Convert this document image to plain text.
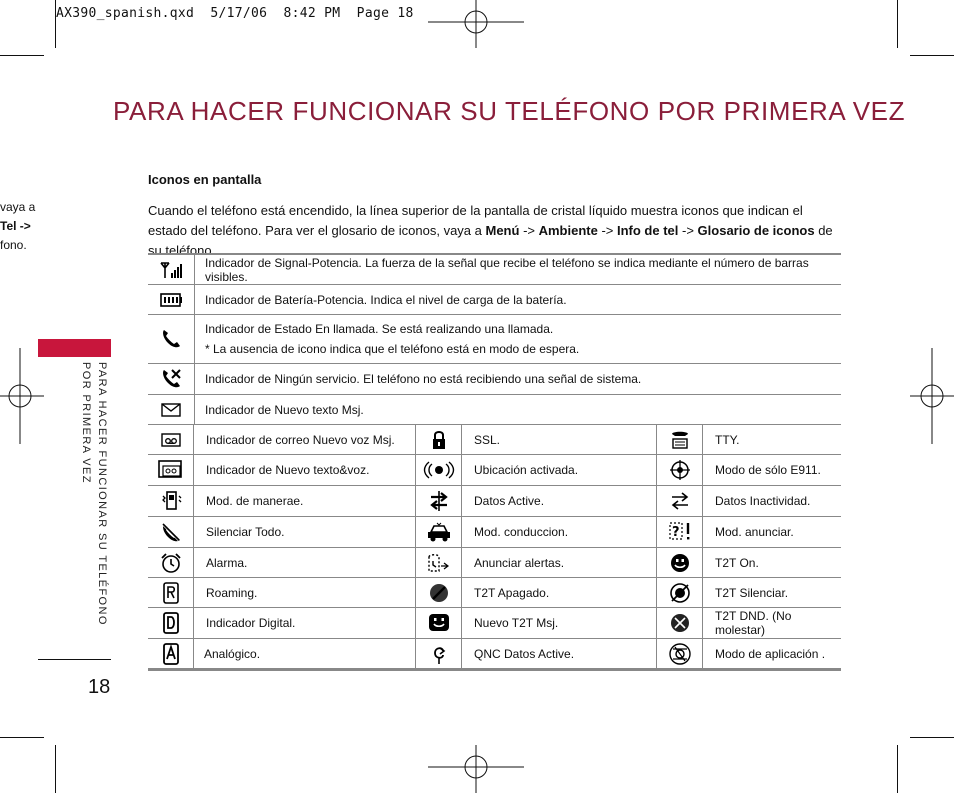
AX390_spanish.qxd  5/17/06  8:42 PM  Page 18
PARA HACER FUNCIONAR SU TELÉFONO POR PRIMERA VEZ
vaya a
Tel ->
fono.
PARA HACER FUNCIONAR SU TELÉFONO POR PRIMERA VEZ
18
Iconos en pantalla
Cuando el teléfono está encendido, la línea superior de la pantalla de cristal líquido muestra iconos que indican el estado del teléfono. Para ver el glosario de iconos, vaya a Menú -> Ambiente -> Info de tel -> Glosario de iconos de su teléfono.
Indicador de Signal-Potencia. La fuerza de la señal que recibe el teléfono se indica mediante el número de barras visibles.
Indicador de Batería-Potencia. Indica el nivel de carga de la batería.
Indicador de Estado En llamada. Se está realizando una llamada.
* La ausencia de icono indica que el teléfono está en modo de espera.
Indicador de Ningún servicio. El teléfono no está recibiendo una señal de sistema.
Indicador de Nuevo texto Msj.
Indicador de correo Nuevo voz Msj.	SSL.	TTY.
Indicador de Nuevo texto&voz.	Ubicación activada.	Modo de sólo E911.
Mod. de manerae.	Datos Active.	Datos Inactividad.
Silenciar Todo.	Mod. conduccion.	?	Mod. anunciar.
Alarma.	Anunciar alertas.	T2T On.
Roaming.	T2T Apagado.	T2T Silenciar.
Indicador Digital.	Nuevo T2T Msj.	T2T DND. (No molestar)
Analógico.	QNC Datos Active.	Modo de aplicación .
